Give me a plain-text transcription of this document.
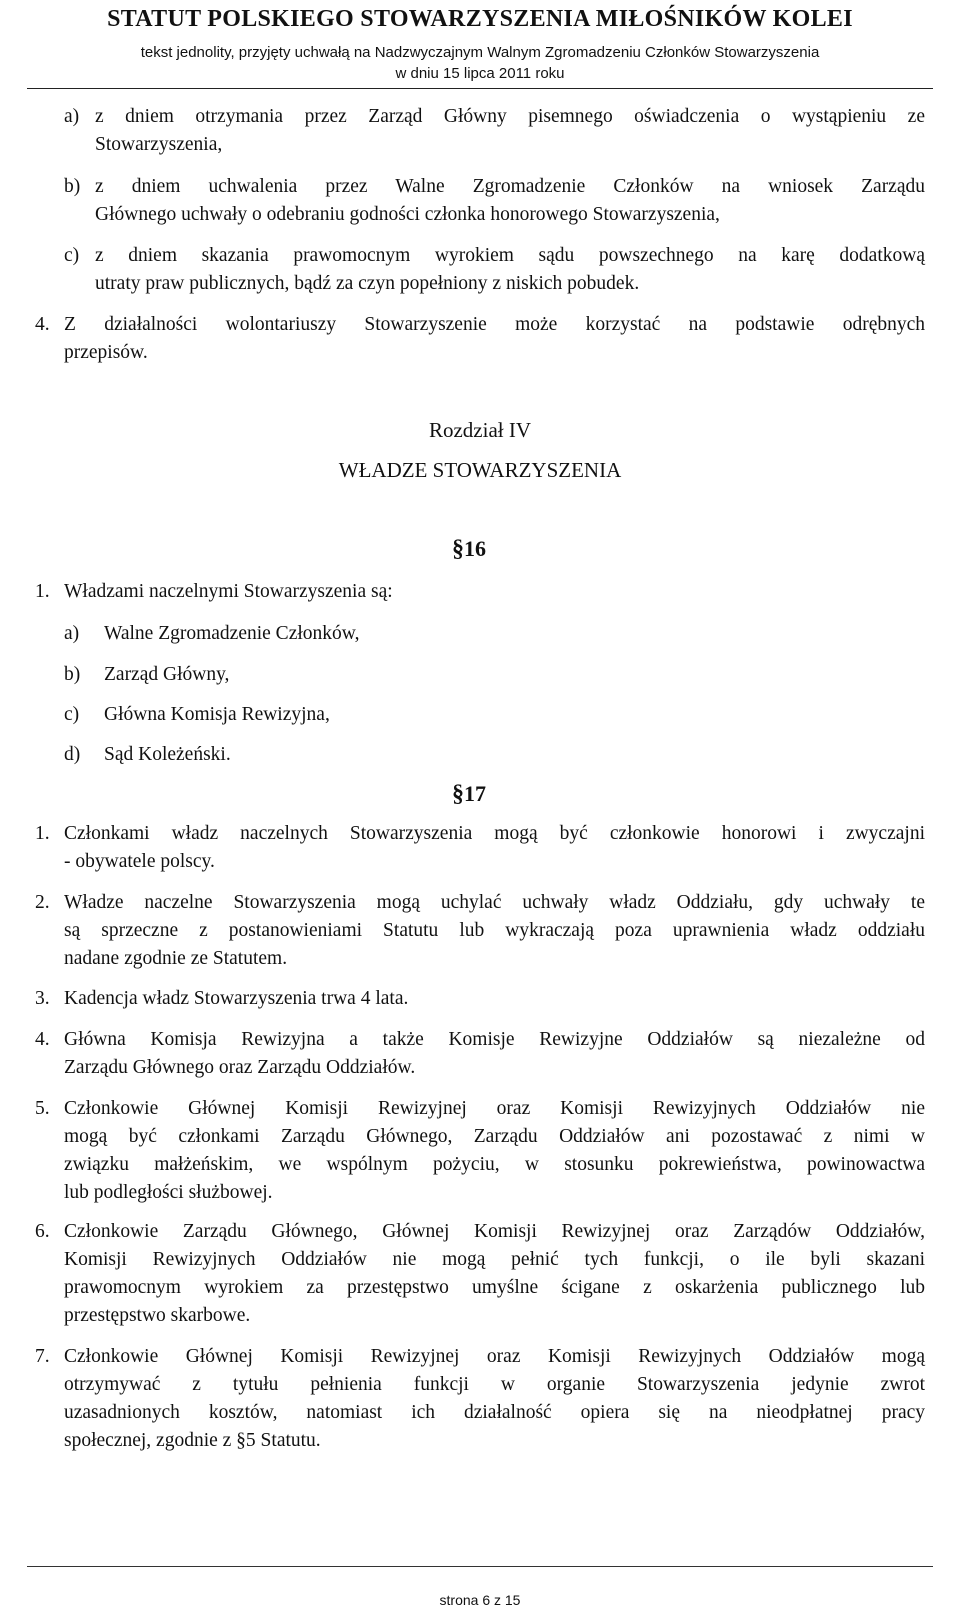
STATUT POLSKIEGO STOWARZYSZENIA MIŁOŚNIKÓW KOLEI
tekst jednolity, przyjęty uchwałą na Nadzwyczajnym Walnym Zgromadzeniu Członków Stowarzyszenia
w dniu 15 lipca 2011 roku
a) z dniem otrzymania przez Zarząd Główny pisemnego oświadczenia o wystąpieniu ze
Stowarzyszenia,
b) z dniem uchwalenia przez Walne Zgromadzenie Członków na wniosek Zarządu
Głównego uchwały o odebraniu godności członka honorowego Stowarzyszenia,
c) z dniem skazania prawomocnym wyrokiem sądu powszechnego na karę dodatkową
utraty praw publicznych, bądź za czyn popełniony z niskich pobudek.
4. Z działalności wolontariuszy Stowarzyszenie może korzystać na podstawie odrębnych
przepisów.
Rozdział IV
WŁADZE STOWARZYSZENIA
§16
1. Władzami naczelnymi Stowarzyszenia są:
a) Walne Zgromadzenie Członków,
b) Zarząd Główny,
c) Główna Komisja Rewizyjna,
d) Sąd Koleżeński.
§17
1. Członkami władz naczelnych Stowarzyszenia mogą być członkowie honorowi i zwyczajni
- obywatele polscy.
2. Władze naczelne Stowarzyszenia mogą uchylać uchwały władz Oddziału, gdy uchwały te
są sprzeczne z postanowieniami Statutu lub wykraczają poza uprawnienia władz oddziału
nadane zgodnie ze Statutem.
3. Kadencja władz Stowarzyszenia trwa 4 lata.
4. Główna Komisja Rewizyjna a także Komisje Rewizyjne Oddziałów są niezależne od
Zarządu Głównego oraz Zarządu Oddziałów.
5. Członkowie Głównej Komisji Rewizyjnej oraz Komisji Rewizyjnych Oddziałów nie
mogą być członkami Zarządu Głównego, Zarządu Oddziałów ani pozostawać z nimi w
związku małżeńskim, we wspólnym pożyciu, w stosunku pokrewieństwa, powinowactwa
lub podległości służbowej.
6. Członkowie Zarządu Głównego, Głównej Komisji Rewizyjnej oraz Zarządów Oddziałów,
Komisji Rewizyjnych Oddziałów nie mogą pełnić tych funkcji, o ile byli skazani
prawomocnym wyrokiem za przestępstwo umyślne ścigane z oskarżenia publicznego lub
przestępstwo skarbowe.
7. Członkowie Głównej Komisji Rewizyjnej oraz Komisji Rewizyjnych Oddziałów mogą
otrzymywać z tytułu pełnienia funkcji w organie Stowarzyszenia jedynie zwrot
uzasadnionych kosztów, natomiast ich działalność opiera się na nieodpłatnej pracy
społecznej, zgodnie z §5 Statutu.
strona 6 z 15
